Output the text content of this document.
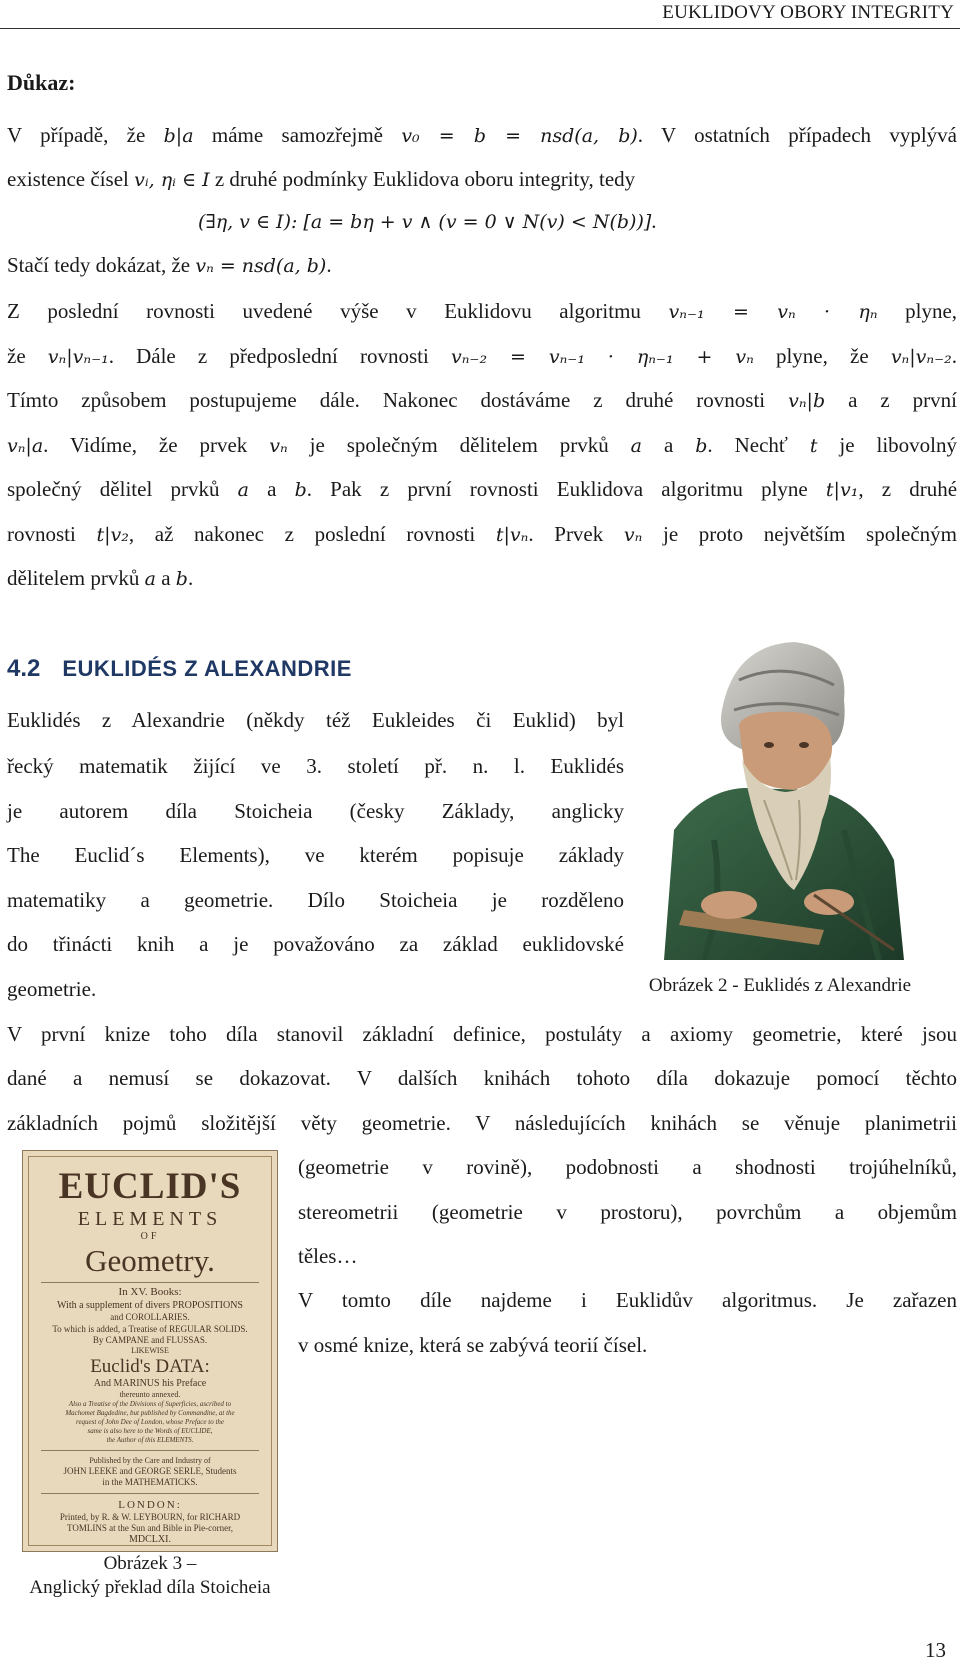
EUKLIDOVY OBORY INTEGRITY
Důkaz:
V případě, že b|a máme samozřejmě v₀ = b = nsd(a, b). V ostatních případech vyplývá
existence čísel vᵢ, ηᵢ ∈ I z druhé podmínky Euklidova oboru integrity, tedy
(∃η, v ∈ I): [a = bη + v ∧ (v = 0 ∨ N(v) < N(b))].
Stačí tedy dokázat, že vₙ = nsd(a, b).
Z poslední rovnosti uvedené výše v Euklidovu algoritmu vₙ₋₁ = vₙ · ηₙ plyne,
že vₙ|vₙ₋₁. Dále z předposlední rovnosti vₙ₋₂ = vₙ₋₁ · ηₙ₋₁ + vₙ plyne, že vₙ|vₙ₋₂.
Tímto způsobem postupujeme dále. Nakonec dostáváme z druhé rovnosti vₙ|b a z první
vₙ|a. Vidíme, že prvek vₙ je společným dělitelem prvků a a b. Nechť t je libovolný
společný dělitel prvků a a b. Pak z první rovnosti Euklidova algoritmu plyne t|v₁, z druhé
rovnosti t|v₂, až nakonec z poslední rovnosti t|vₙ. Prvek vₙ je proto největším společným
dělitelem prvků a a b.
4.2 EUKLIDÉS Z ALEXANDRIE
Euklidés z Alexandrie (někdy též Eukleides či Euklid) byl
řecký matematik žijící ve 3. století př. n. l. Euklidés
je autorem díla Stoicheia (česky Základy, anglicky
The Euclid´s Elements), ve kterém popisuje základy
matematiky a geometrie. Dílo Stoicheia je rozděleno
do třinácti knih a je považováno za základ euklidovské
geometrie.	Obrázek 2 - Euklidés z Alexandrie
V první knize toho díla stanovil základní definice, postuláty a axiomy geometrie, které jsou
dané a nemusí se dokazovat. V dalších knihách tohoto díla dokazuje pomocí těchto
základních pojmů složitější věty geometrie. V následujících knihách se věnuje planimetrii
(geometrie v rovině), podobnosti a shodnosti trojúhelníků,
stereometrii (geometrie v prostoru), povrchům a objemům
těles…
V tomto díle najdeme i Euklidův algoritmus. Je zařazen
v osmé knize, která se zabývá teorií čísel.
EUCLID'S
ELEMENTS
OF
Geometry.
In XV. Books:
With a supplement of divers PROPOSITIONS
and COROLLARIES.
To which is added, a Treatise of REGULAR SOLIDS.
By CAMPANE and FLUSSAS.
LIKEWISE
Euclid's DATA:
And MARINUS his Preface
thereunto annexed.
Also a Treatise of the Divisions of Superficies, ascribed to
Machomet Bagdedine, but published by Commandine, at the
request of John Dee of London, whose Preface to the
same is also here to the Words of EUCLIDE,
the Author of this ELEMENTS.
Published by the Care and Industry of
JOHN LEEKE and GEORGE SERLE, Students
in the MATHEMATICKS.
LONDON:
Printed, by R. & W. LEYBOURN, for RICHARD
TOMLINS at the Sun and Bible in Pie-corner,
MDCLXI.
Obrázek 3 –
Anglický překlad díla Stoicheia
13
